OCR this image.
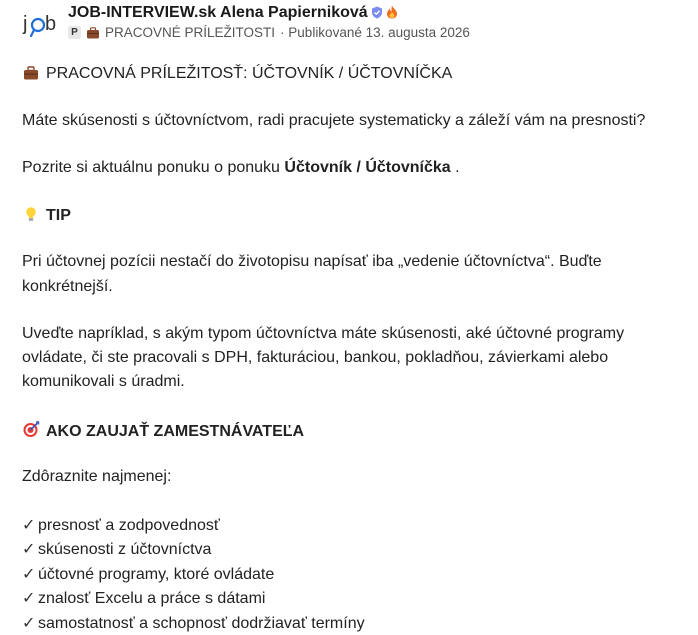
j b
JOB-INTERVIEW.sk Alena Papierniková
P PRACOVNÉ PRÍLEŽITOSTI · Publikované 13. augusta 2026
PRACOVNÁ PRÍLEŽITOSŤ: ÚČTOVNÍK / ÚČTOVNÍČKA
Máte skúsenosti s účtovníctvom, radi pracujete systematicky a záleží vám na presnosti?
Pozrite si aktuálnu ponuku o ponuku Účtovník / Účtovníčka .
TIP
Pri účtovnej pozícii nestačí do životopisu napísať iba „vedenie účtovníctva“. Buďte
konkrétnejší.
Uveďte napríklad, s akým typom účtovníctva máte skúsenosti, aké účtovné programy
ovládate, či ste pracovali s DPH, fakturáciou, bankou, pokladňou, závierkami alebo
komunikovali s úradmi.
AKO ZAUJAŤ ZAMESTNÁVATEĽA
Zdôraznite najmenej:
✓ presnosť a zodpovednosť
✓ skúsenosti z účtovníctva
✓ účtovné programy, ktoré ovládate
✓ znalosť Excelu a práce s dátami
✓ samostatnosť a schopnosť dodržiavať termíny
